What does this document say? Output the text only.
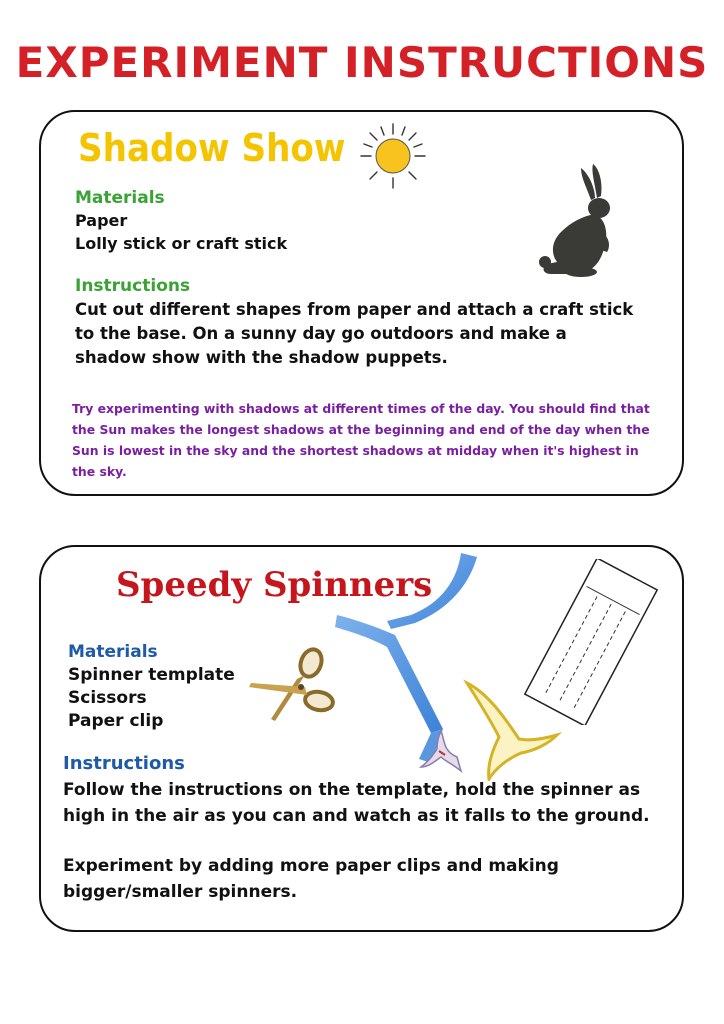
EXPERIMENT INSTRUCTIONS
Shadow Show
Materials
Paper
Lolly stick or craft stick
Instructions
Cut out different shapes from paper and attach a craft stick to the base. On a sunny day go outdoors and make a shadow show with the shadow puppets.
Try experimenting with shadows at different times of the day. You should find that the Sun makes the longest shadows at the beginning and end of the day when the Sun is lowest in the sky and the shortest shadows at midday when it's highest in the sky.
Speedy Spinners
Materials
Spinner template
Scissors
Paper clip
Instructions
Follow the instructions on the template, hold the spinner as high in the air as you can and watch as it falls to the ground.
Experiment by adding more paper clips and making bigger/smaller spinners.
